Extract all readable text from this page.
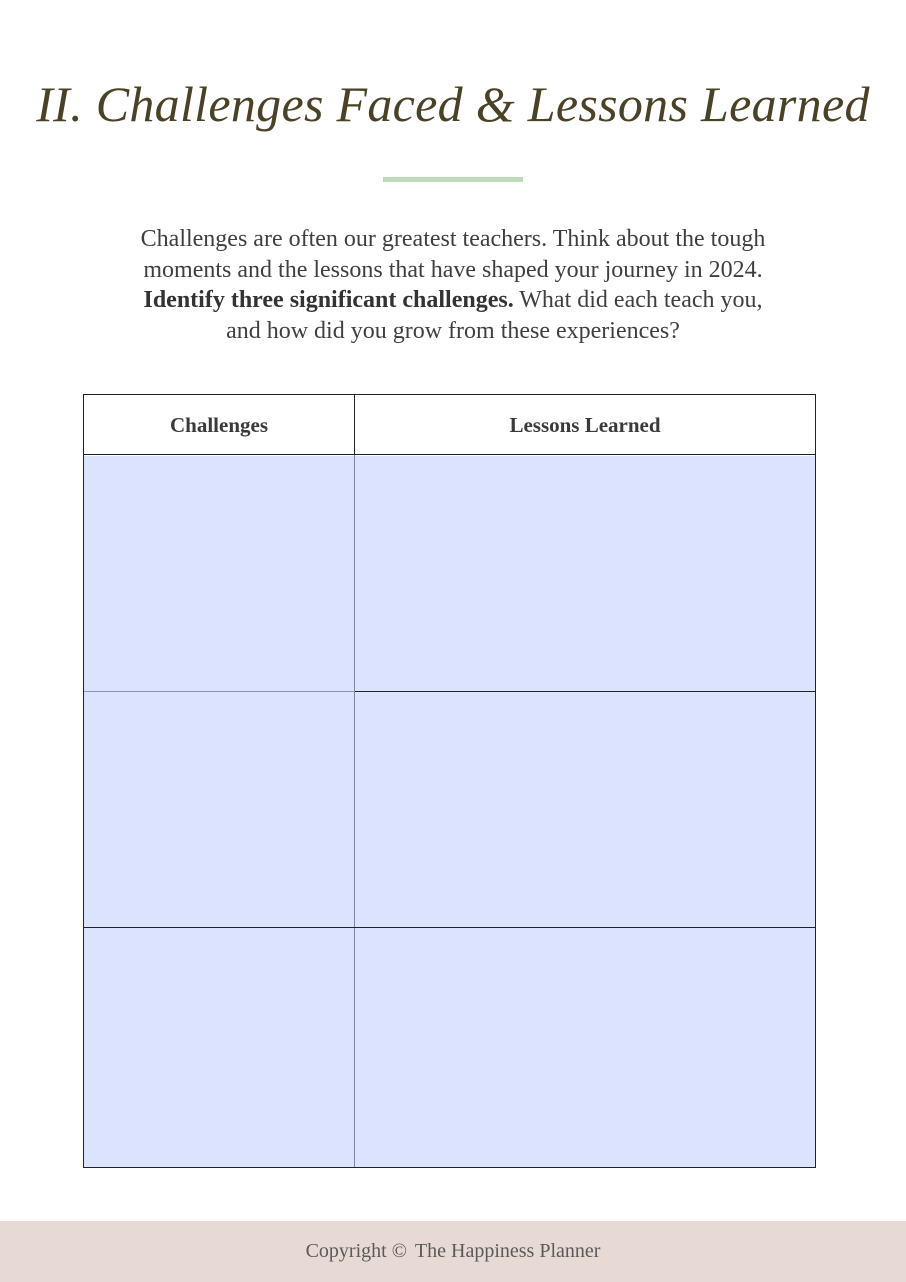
II. Challenges Faced & Lessons Learned
Challenges are often our greatest teachers. Think about the tough
moments and the lessons that have shaped your journey in 2024.
Identify three significant challenges. What did each teach you,
and how did you grow from these experiences?
Challenges	Lessons Learned
Copyright © The Happiness Planner
